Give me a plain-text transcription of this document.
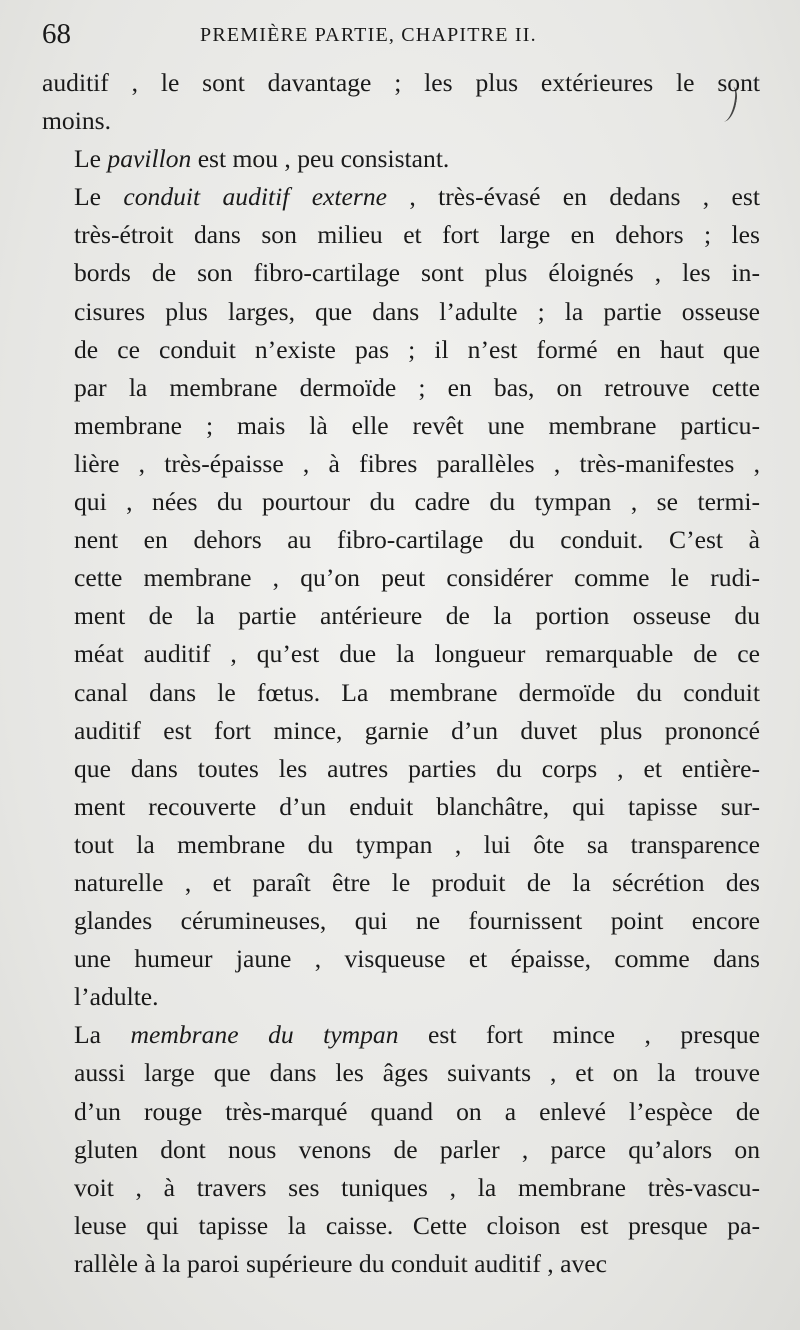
68	PREMIÈRE PARTIE, CHAPITRE II.

auditif , le sont davantage ; les plus extérieures le sont
moins.

Le pavillon est mou , peu consistant.

Le conduit auditif externe , très-évasé en dedans , est
très-étroit dans son milieu et fort large en dehors ; les
bords de son fibro-cartilage sont plus éloignés , les in-
cisures plus larges, que dans l’adulte ; la partie osseuse
de ce conduit n’existe pas ; il n’est formé en haut que
par la membrane dermoïde ; en bas, on retrouve cette
membrane ; mais là elle revêt une membrane particu-
lière , très-épaisse , à fibres parallèles , très-manifestes ,
qui , nées du pourtour du cadre du tympan , se termi-
nent en dehors au fibro-cartilage du conduit. C’est à
cette membrane , qu’on peut considérer comme le rudi-
ment de la partie antérieure de la portion osseuse du
méat auditif , qu’est due la longueur remarquable de ce
canal dans le fœtus. La membrane dermoïde du conduit
auditif est fort mince, garnie d’un duvet plus prononcé
que dans toutes les autres parties du corps , et entière-
ment recouverte d’un enduit blanchâtre, qui tapisse sur-
tout la membrane du tympan , lui ôte sa transparence
naturelle , et paraît être le produit de la sécrétion des
glandes cérumineuses, qui ne fournissent point encore
une humeur jaune , visqueuse et épaisse, comme dans
l’adulte.

La membrane du tympan est fort mince , presque
aussi large que dans les âges suivants , et on la trouve
d’un rouge très-marqué quand on a enlevé l’espèce de
gluten dont nous venons de parler , parce qu’alors on
voit , à travers ses tuniques , la membrane très-vascu-
leuse qui tapisse la caisse. Cette cloison est presque pa-
rallèle à la paroi supérieure du conduit auditif , avec
